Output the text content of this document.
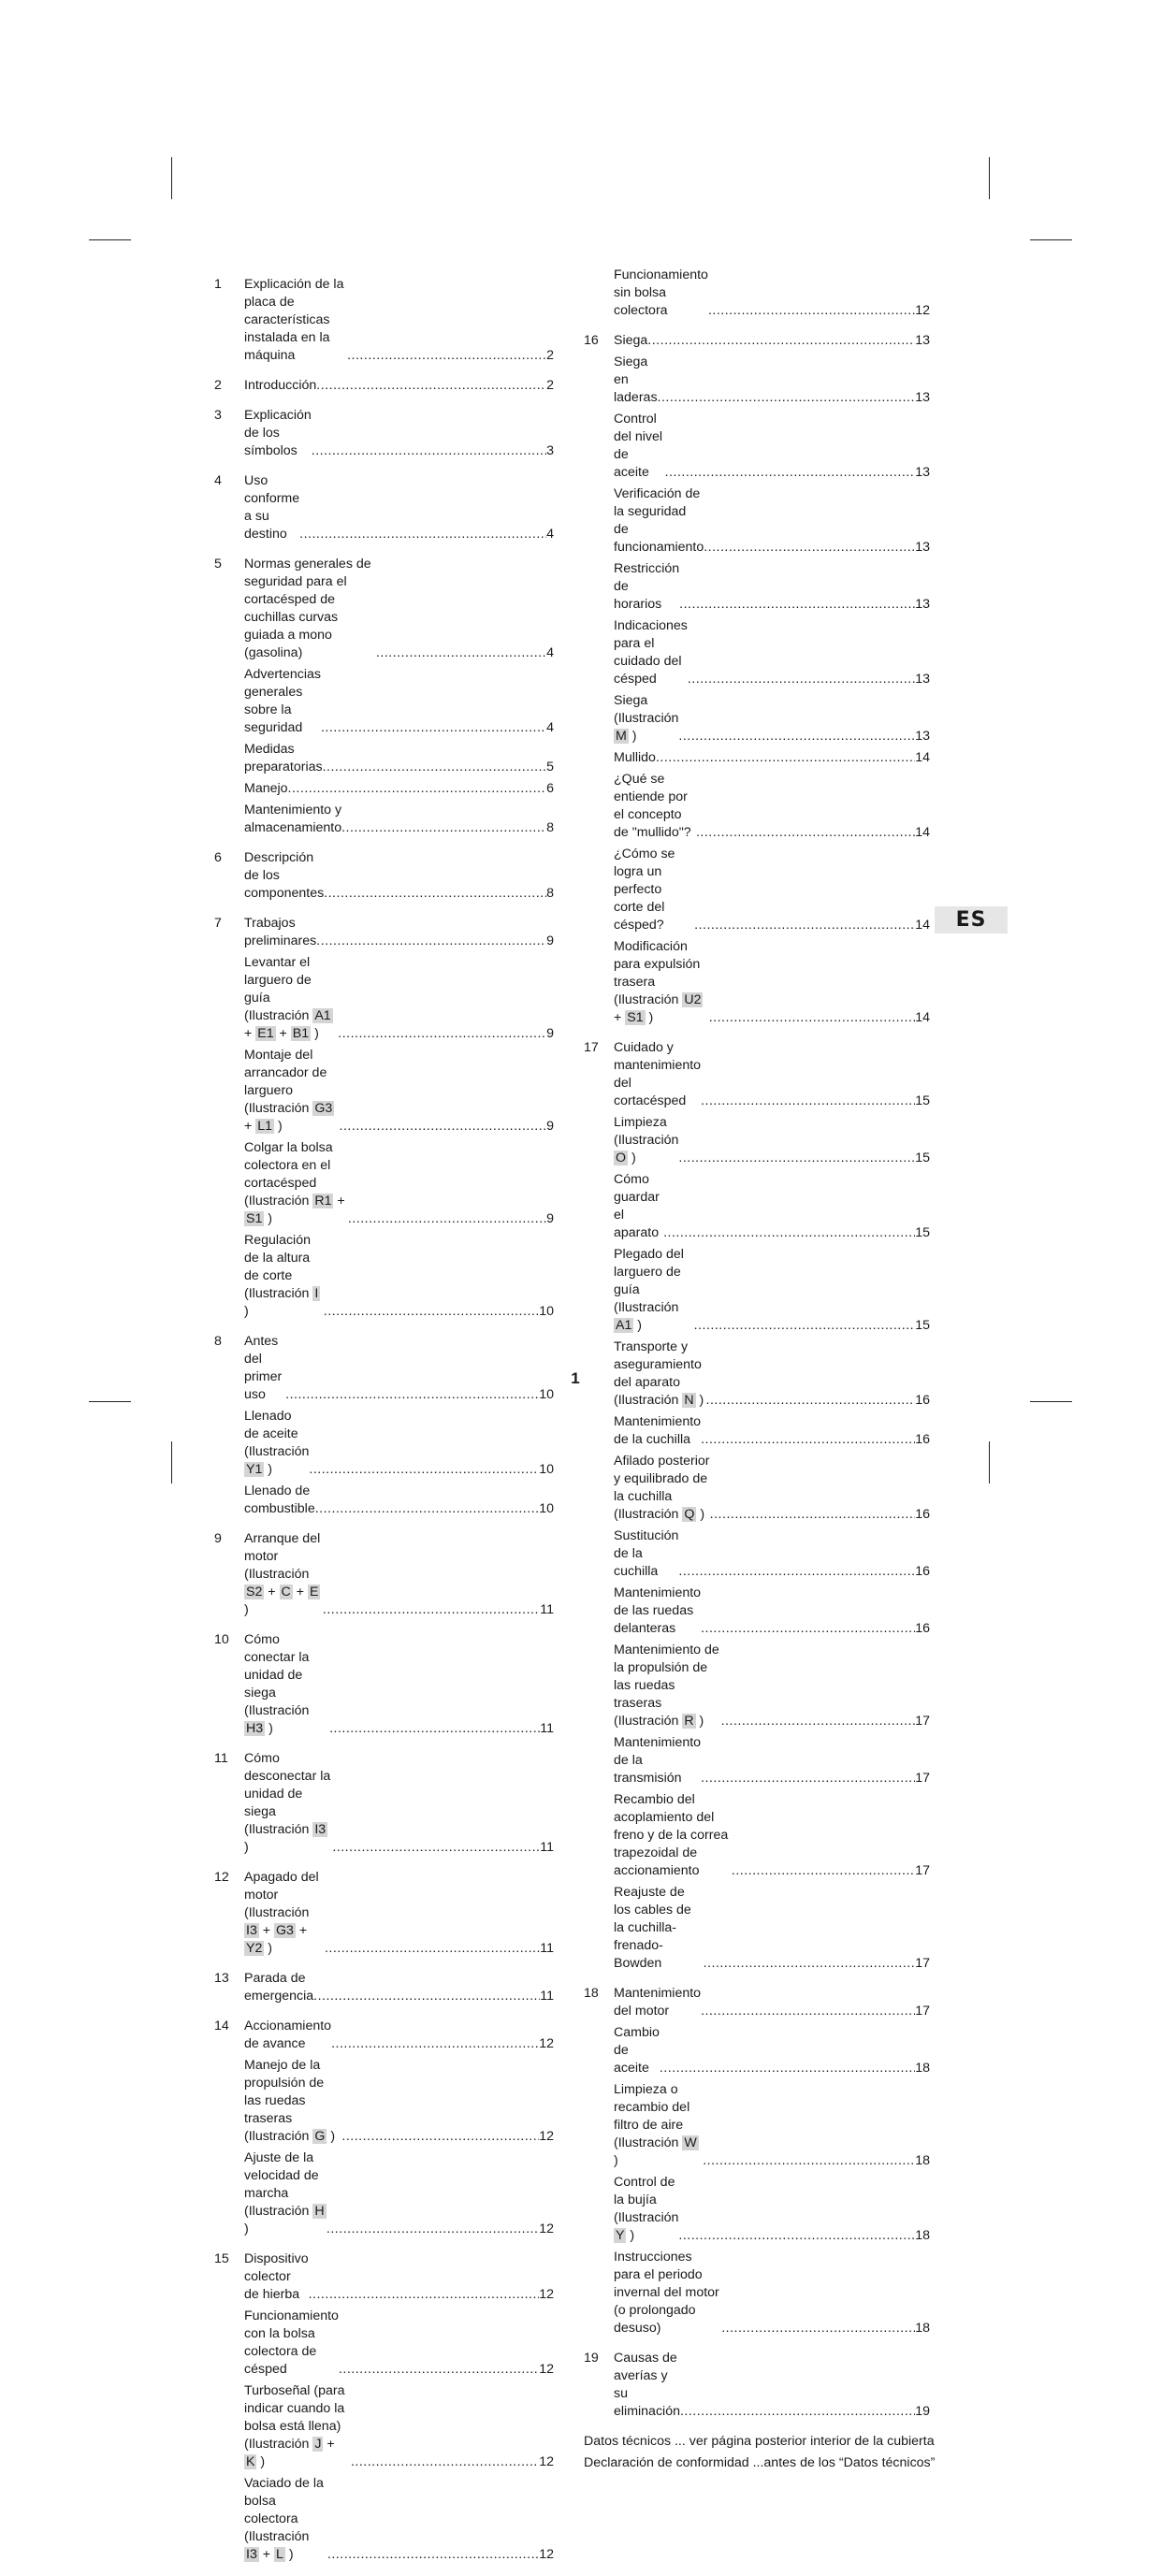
1 Explicación de la placa de características instalada en la máquina .....	2
2 Introducción .....	2
3 Explicación de los símbolos .....	3
4 Uso conforme a su destino .....	4
5 Normas generales de seguridad para el cortacésped de cuchillas curvas guiada a mono (gasolina) .....	4
Advertencias generales sobre la seguridad .....	4
Medidas preparatorias .....	5
Manejo .....	6
Mantenimiento y almacenamiento .....	8
6 Descripción de los componentes .....	8
7 Trabajos preliminares .....	9
Levantar el larguero de guía (Ilustración A1 + E1 + B1 ) .....	9
Montaje del arrancador de larguero (Ilustración G3 + L1 ) .....	9
Colgar la bolsa colectora en el cortacésped (Ilustración R1 + S1 ) .....	9
Regulación de la altura de corte (Ilustración I ) .....	10
8 Antes del primer uso .....	10
Llenado de aceite (Ilustración Y1 ) .....	10
Llenado de combustible .....	10
9 Arranque del motor (Ilustración S2 + C + E ) .....	11
10 Cómo conectar la unidad de siega (Ilustración H3 ) .....	11
11 Cómo desconectar la unidad de siega (Ilustración I3 ) .....	11
12 Apagado del motor (Ilustración I3 + G3 + Y2 ) .....	11
13 Parada de emergencia .....	11
14 Accionamiento de avance .....	12
Manejo de la propulsión de las ruedas traseras (Ilustración G ) .....	12
Ajuste de la velocidad de marcha (Ilustración H ) .....	12
15 Dispositivo colector de hierba .....	12
Funcionamiento con la bolsa colectora de césped .....	12
Turboseñal (para indicar cuando la bolsa está llena) (Ilustración J + K ) .....	12
Vaciado de la bolsa colectora (Ilustración I3 + L ) .....	12
Funcionamiento sin bolsa colectora .....	12
16 Siega .....	13
Siega en laderas .....	13
Control del nivel de aceite .....	13
Verificación de la seguridad de funcionamiento .....	13
Restricción de horarios .....	13
Indicaciones para el cuidado del césped .....	13
Siega (Ilustración M ) .....	13
Mullido .....	14
¿Qué se entiende por el concepto de "mullido"? .....	14
¿Cómo se logra un perfecto corte del césped? .....	14
Modificación para expulsión trasera (Ilustración U2 + S1 ) .....	14
17 Cuidado y mantenimiento del cortacésped .....	15
Limpieza (Ilustración O ) .....	15
Cómo guardar el aparato .....	15
Plegado del larguero de guía (Ilustración A1 ) .....	15
Transporte y aseguramiento del aparato (Ilustración N ) .....	16
Mantenimiento de la cuchilla .....	16
Afilado posterior y equilibrado de la cuchilla (Ilustración Q ) .....	16
Sustitución de la cuchilla .....	16
Mantenimiento de las ruedas delanteras .....	16
Mantenimiento de la propulsión de las ruedas traseras (Ilustración R ) .....	17
Mantenimiento de la transmisión .....	17
Recambio del acoplamiento del freno y de la correa trapezoidal de accionamiento .....	17
Reajuste de los cables de la cuchilla-frenado-Bowden .....	17
18 Mantenimiento del motor .....	17
Cambio de aceite .....	18
Limpieza o recambio del filtro de aire (Ilustración W ) .....	18
Control de la bujía (Ilustración Y ) .....	18
Instrucciones para el periodo invernal del motor (o prolongado desuso) .....	18
19 Causas de averías y su eliminación .....	19
Datos técnicos ... ver página posterior interior de la cubierta
Declaración de conformidad ...antes de los “Datos técnicos”
ES
1
